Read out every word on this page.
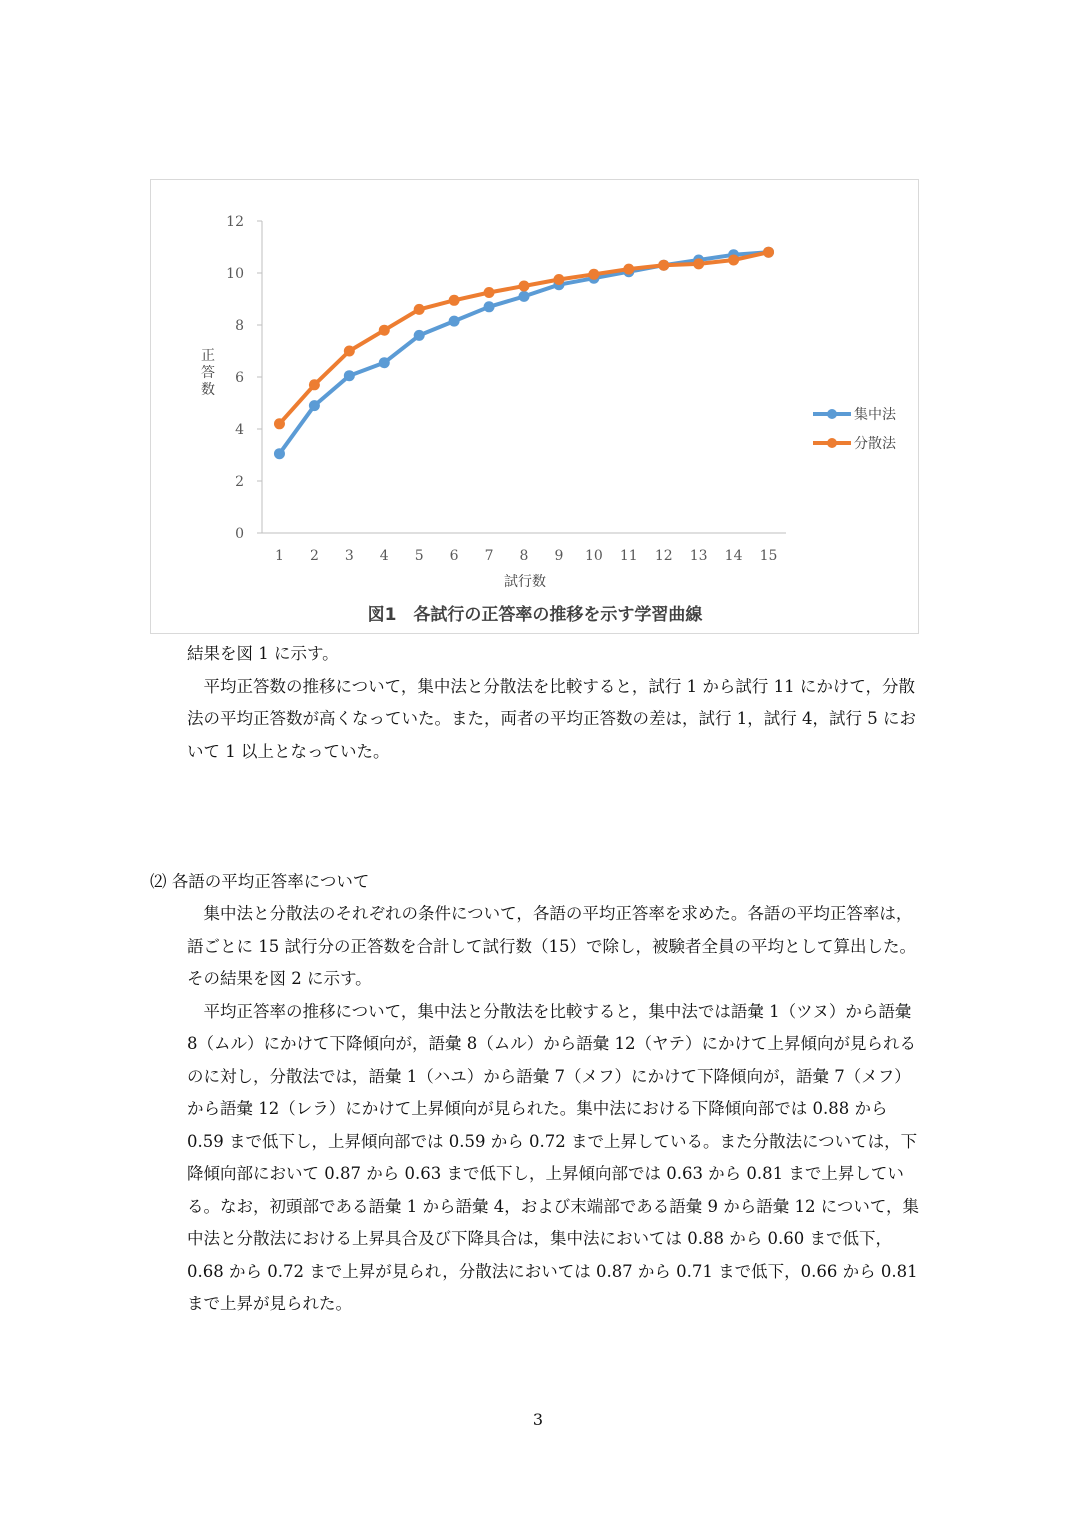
0
2
4
6
8
10
12
1 2 3 4 5 6 7 8 9 10 11 12 13 14 15
正答数
試行数
集中法
分散法
図1　各試行の正答率の推移を示す学習曲線

結果を図 1 に示す。

平均正答数の推移について，集中法と分散法を比較すると，試行 1 から試行 11 にかけて，分散法の平均正答数が高くなっていた。また，両者の平均正答数の差は，試行 1，試行 4，試行 5 において 1 以上となっていた。

⑵ 各語の平均正答率について

集中法と分散法のそれぞれの条件について，各語の平均正答率を求めた。各語の平均正答率は，語ごとに 15 試行分の正答数を合計して試行数（15）で除し，被験者全員の平均として算出した。その結果を図 2 に示す。

平均正答率の推移について，集中法と分散法を比較すると，集中法では語彙 1（ツヌ）から語彙 8（ムル）にかけて下降傾向が，語彙 8（ムル）から語彙 12（ヤテ）にかけて上昇傾向が見られるのに対し，分散法では，語彙 1（ハユ）から語彙 7（メフ）にかけて下降傾向が，語彙 7（メフ）から語彙 12（レラ）にかけて上昇傾向が見られた。集中法における下降傾向部では 0.88 から 0.59 まで低下し，上昇傾向部では 0.59 から 0.72 まで上昇している。また分散法については，下降傾向部において 0.87 から 0.63 まで低下し，上昇傾向部では 0.63 から 0.81 まで上昇している。なお，初頭部である語彙 1 から語彙 4，および末端部である語彙 9 から語彙 12 について，集中法と分散法における上昇具合及び下降具合は，集中法においては 0.88 から 0.60 まで低下，0.68 から 0.72 まで上昇が見られ，分散法においては 0.87 から 0.71 まで低下，0.66 から 0.81 まで上昇が見られた。

3
